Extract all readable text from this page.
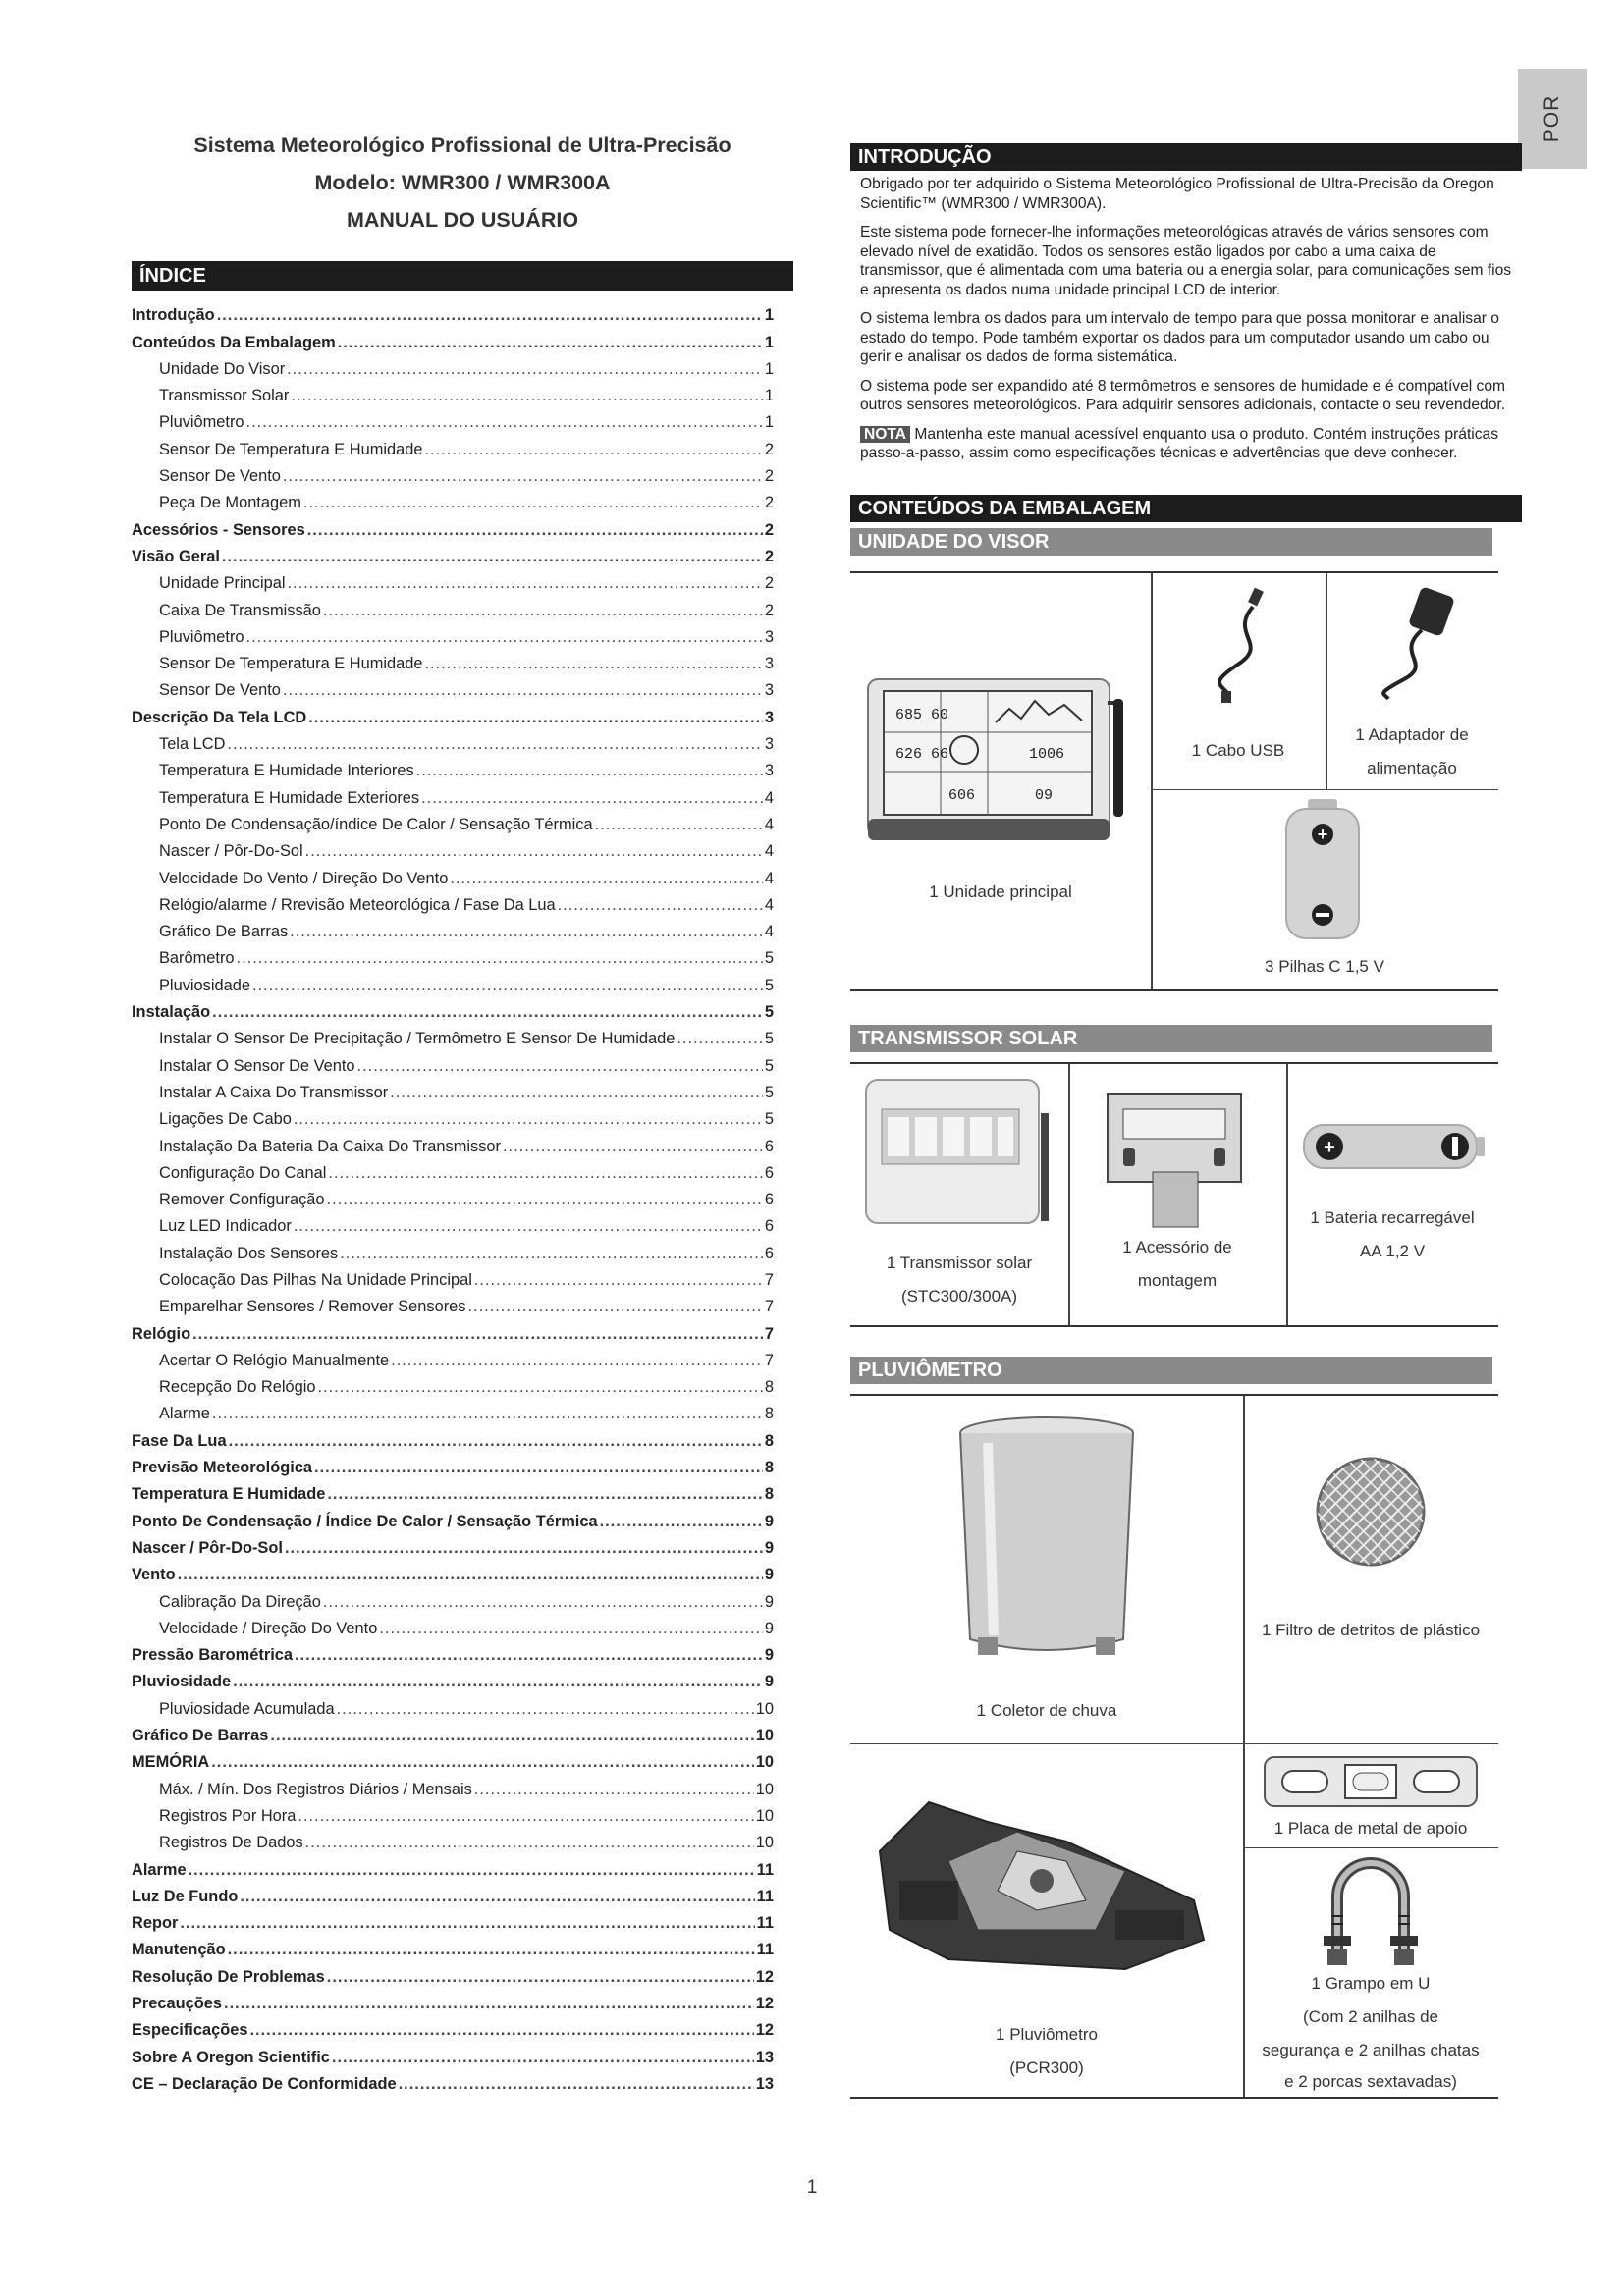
POR

Sistema Meteorológico Profissional de Ultra-Precisão

Modelo: WMR300 / WMR300A

MANUAL DO USUÁRIO

ÍNDICE
Introdução .....	1
Conteúdos Da Embalagem .....	1
Unidade Do Visor .....	1
Transmissor Solar .....	1
Pluviômetro .....	1
Sensor De Temperatura E Humidade .....	2
Sensor De Vento .....	2
Peça De Montagem .....	2
Acessórios - Sensores .....	2
Visão Geral .....	2
Unidade Principal .....	2
Caixa De Transmissão .....	2
Pluviômetro .....	3
Sensor De Temperatura E Humidade .....	3
Sensor De Vento .....	3
Descrição Da Tela LCD .....	3
Tela LCD .....	3
Temperatura E Humidade Interiores .....	3
Temperatura E Humidade Exteriores .....	4
Ponto De Condensação/índice De Calor / Sensação Térmica .....	4
Nascer / Pôr-Do-Sol .....	4
Velocidade Do Vento / Direção Do Vento .....	4
Relógio/alarme / Rrevisão Meteorológica / Fase Da Lua .....	4
Gráfico De Barras .....	4
Barômetro .....	5
Pluviosidade .....	5
Instalação .....	5
Instalar O Sensor De Precipitação / Termômetro E Sensor De Humidade .....	5
Instalar O Sensor De Vento .....	5
Instalar A Caixa Do Transmissor .....	5
Ligações De Cabo .....	5
Instalação Da Bateria Da Caixa Do Transmissor .....	6
Configuração Do Canal .....	6
Remover Configuração .....	6
Luz LED Indicador .....	6
Instalação Dos Sensores .....	6
Colocação Das Pilhas Na Unidade Principal .....	7
Emparelhar Sensores / Remover Sensores .....	7
Relógio .....	7
Acertar O Relógio Manualmente .....	7
Recepção Do Relógio .....	8
Alarme .....	8
Fase Da Lua .....	8
Previsão Meteorológica .....	8
Temperatura E Humidade .....	8
Ponto De Condensação / Índice De Calor / Sensação Térmica .....	9
Nascer / Pôr-Do-Sol .....	9
Vento .....	9
Calibração Da Direção .....	9
Velocidade / Direção Do Vento .....	9
Pressão Barométrica .....	9
Pluviosidade .....	9
Pluviosidade Acumulada .....	10
Gráfico De Barras .....	10
MEMÓRIA .....	10
Máx. / Mín. Dos Registros Diários / Mensais .....	10
Registros Por Hora .....	10
Registros De Dados .....	10
Alarme .....	11
Luz De Fundo .....	11
Repor .....	11
Manutenção .....	11
Resolução De Problemas .....	12
Precauções .....	12
Especificações .....	12
Sobre A Oregon Scientific .....	13
CE – Declaração De Conformidade .....	13
INTRODUÇÃO

Obrigado por ter adquirido o Sistema Meteorológico Profissional de Ultra-Precisão da Oregon Scientific™ (WMR300 / WMR300A).

Este sistema pode fornecer-lhe informações meteorológicas através de vários sensores com elevado nível de exatidão. Todos os sensores estão ligados por cabo a uma caixa de transmissor, que é alimentada com uma bateria ou a energia solar, para comunicações sem fios e apresenta os dados numa unidade principal LCD de interior.

O sistema lembra os dados para um intervalo de tempo para que possa monitorar e analisar o estado do tempo. Pode também exportar os dados para um computador usando um cabo ou gerir e analisar os dados de forma sistemática.

O sistema pode ser expandido até 8 termômetros e sensores de humidade e é compatível com outros sensores meteorológicos. Para adquirir sensores adicionais, contacte o seu revendedor.

NOTA Mantenha este manual acessível enquanto usa o produto. Contém instruções práticas passo-a-passo, assim como especificações técnicas e advertências que deve conhecer.

CONTEÚDOS DA EMBALAGEM
UNIDADE DO VISOR
685 60
626 66
606
1006
09
1 Unidade principal
1 Cabo USB
1 Adaptador de
alimentação
+
3 Pilhas C 1,5 V
TRANSMISSOR SOLAR
1 Transmissor solar
(STC300/300A)
1 Acessório de
montagem
+
1 Bateria recarregável
AA 1,2 V
PLUVIÔMETRO
1 Coletor de chuva
1 Filtro de detritos de plástico
1 Pluviômetro
(PCR300)
1 Placa de metal de apoio
1 Grampo em U
(Com 2 anilhas de
segurança e 2 anilhas chatas
e 2 porcas sextavadas)
1
